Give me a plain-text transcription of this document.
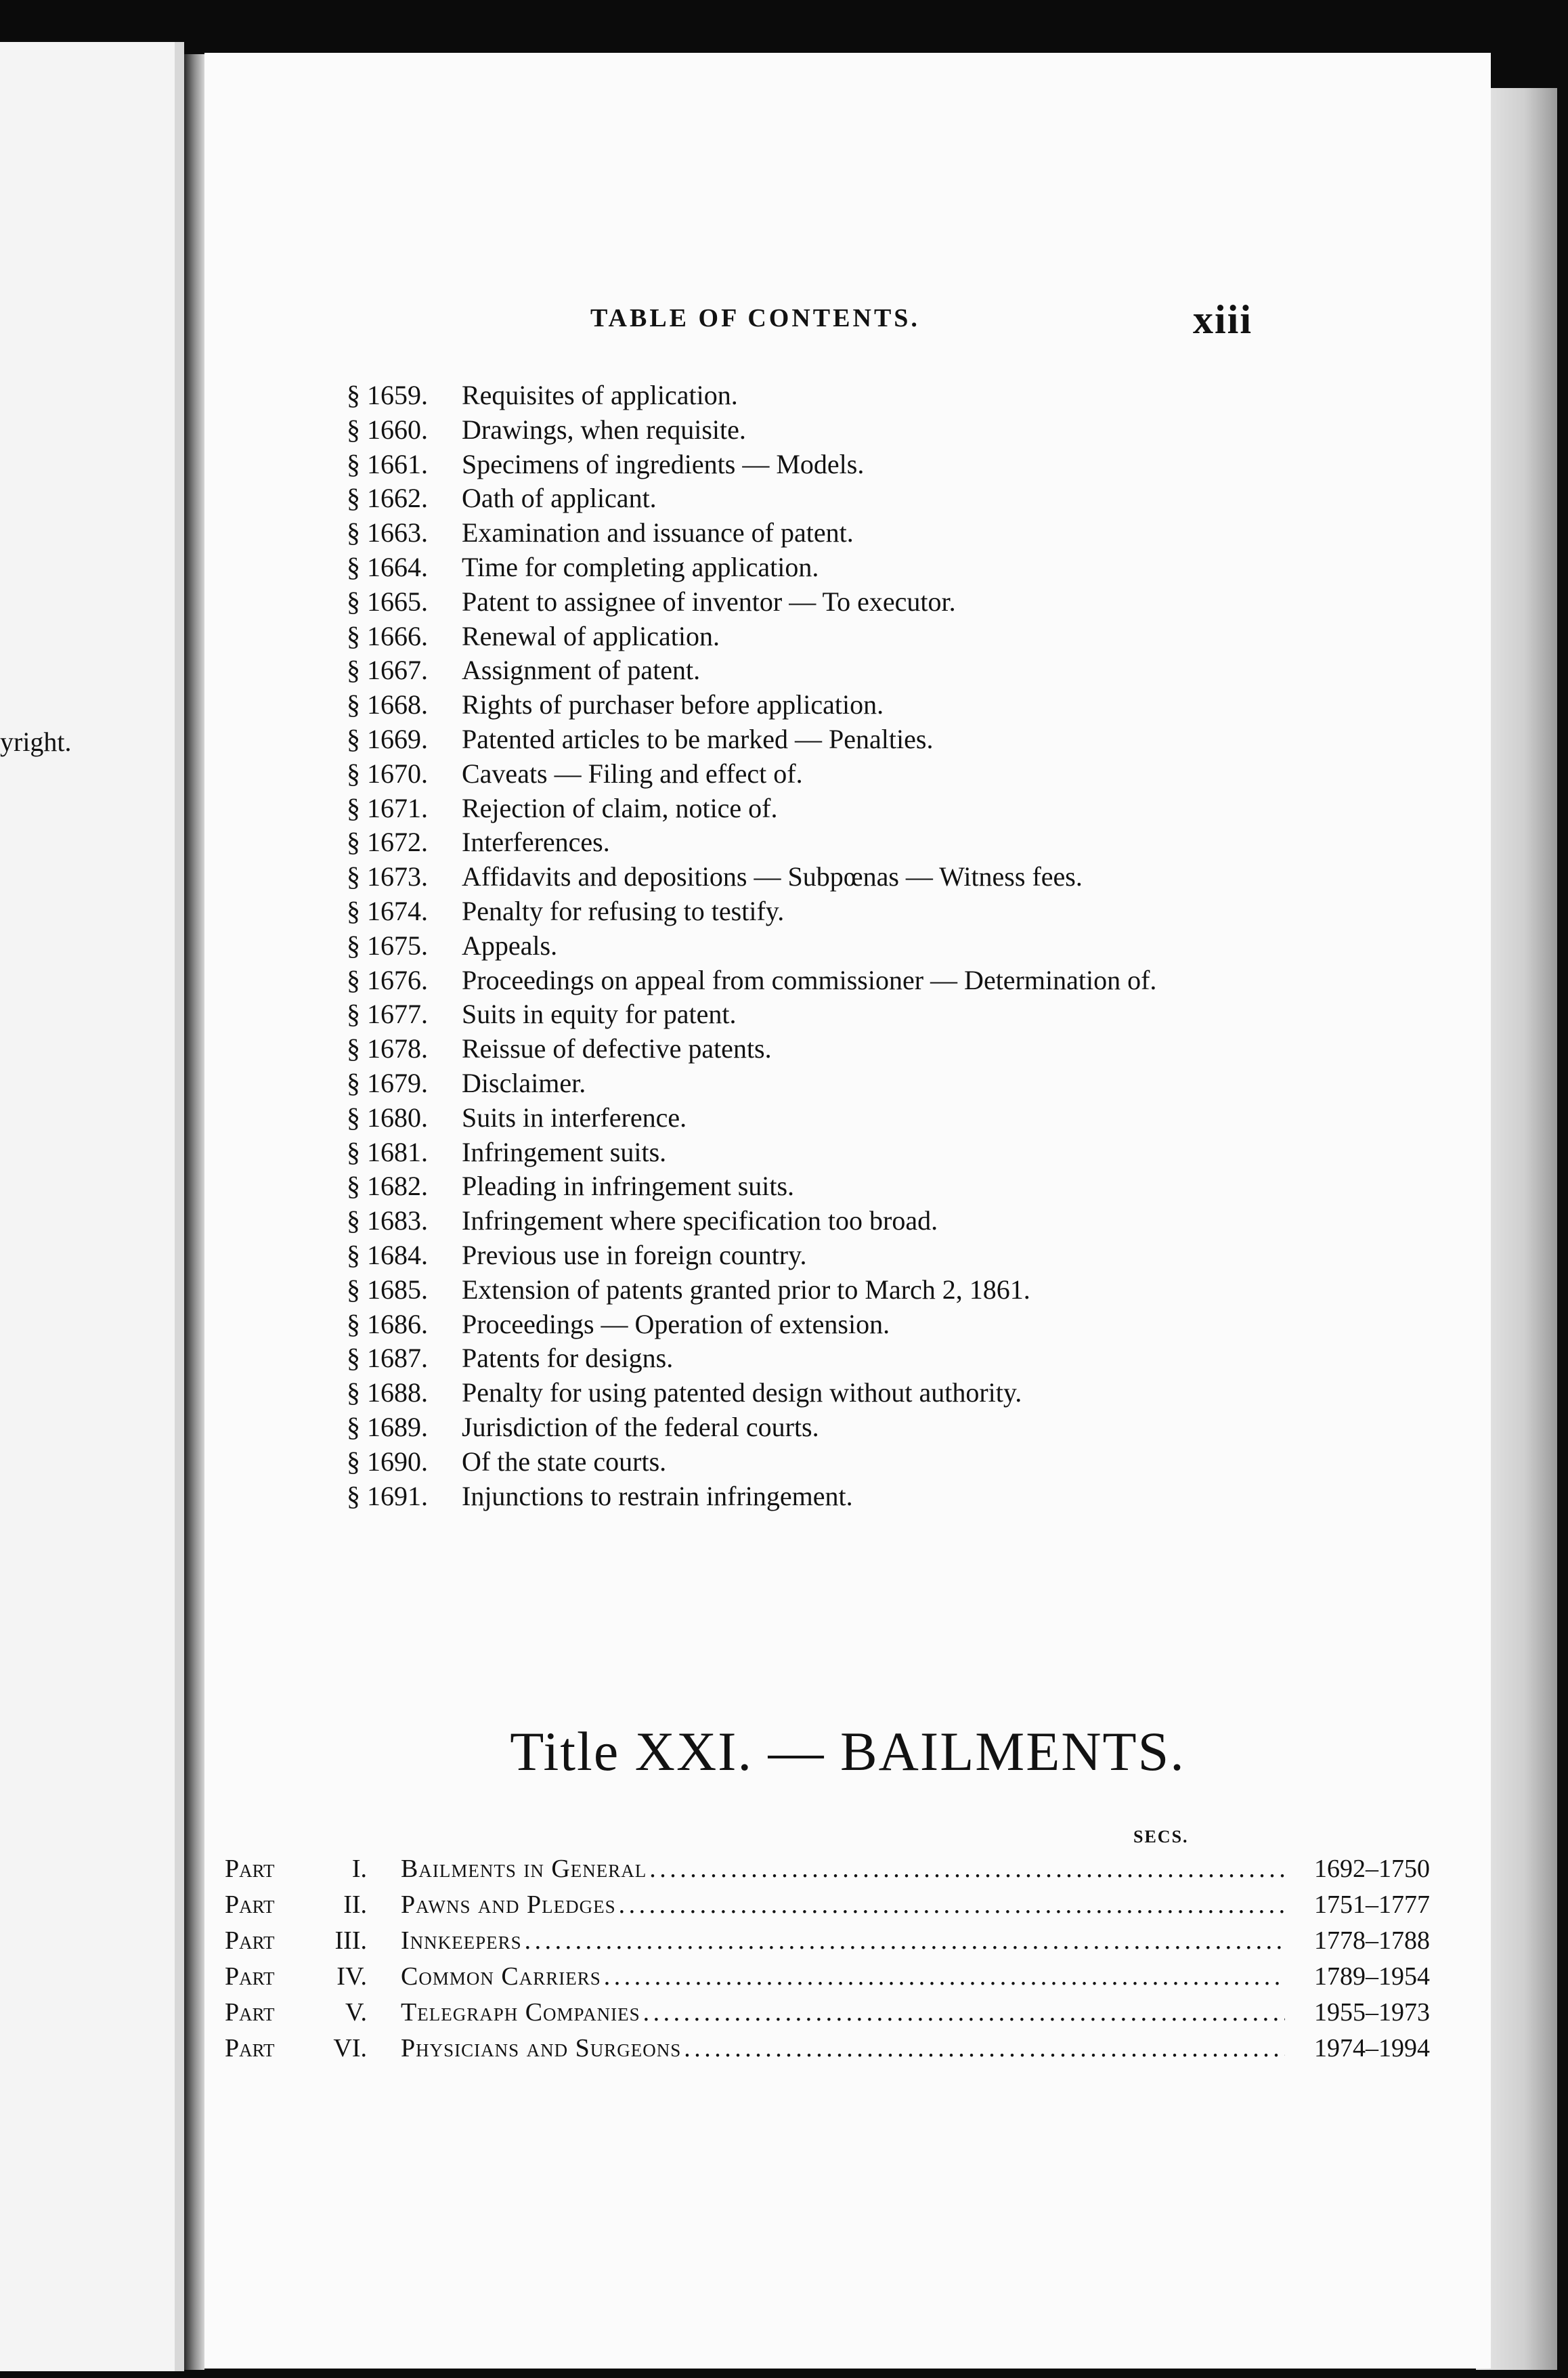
yright.
TABLE OF CONTENTS.	xiii
§ 1659.	Requisites of application.
§ 1660.	Drawings, when requisite.
§ 1661.	Specimens of ingredients — Models.
§ 1662.	Oath of applicant.
§ 1663.	Examination and issuance of patent.
§ 1664.	Time for completing application.
§ 1665.	Patent to assignee of inventor — To executor.
§ 1666.	Renewal of application.
§ 1667.	Assignment of patent.
§ 1668.	Rights of purchaser before application.
§ 1669.	Patented articles to be marked — Penalties.
§ 1670.	Caveats — Filing and effect of.
§ 1671.	Rejection of claim, notice of.
§ 1672.	Interferences.
§ 1673.	Affidavits and depositions — Subpœnas — Witness fees.
§ 1674.	Penalty for refusing to testify.
§ 1675.	Appeals.
§ 1676.	Proceedings on appeal from commissioner — Determination of.
§ 1677.	Suits in equity for patent.
§ 1678.	Reissue of defective patents.
§ 1679.	Disclaimer.
§ 1680.	Suits in interference.
§ 1681.	Infringement suits.
§ 1682.	Pleading in infringement suits.
§ 1683.	Infringement where specification too broad.
§ 1684.	Previous use in foreign country.
§ 1685.	Extension of patents granted prior to March 2, 1861.
§ 1686.	Proceedings — Operation of extension.
§ 1687.	Patents for designs.
§ 1688.	Penalty for using patented design without authority.
§ 1689.	Jurisdiction of the federal courts.
§ 1690.	Of the state courts.
§ 1691.	Injunctions to restrain infringement.
Title XXI. — BAILMENTS.
SECS.
Part	I. Bailments in General . . .	1692–1750
Part	II. Pawns and Pledges . . .	1751–1777
Part	III. Innkeepers . . .	1778–1788
Part	IV. Common Carriers . . .	1789–1954
Part	V. Telegraph Companies . . .	1955–1973
Part	VI. Physicians and Surgeons . . .	1974–1994
